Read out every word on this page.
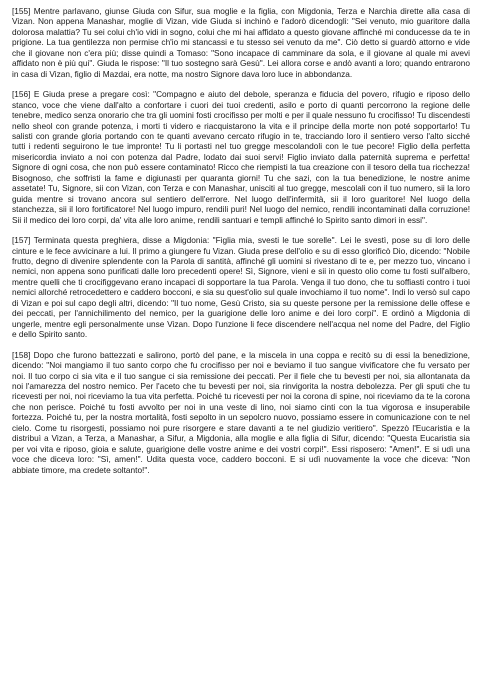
[155] Mentre parlavano, giunse Giuda con Sifur, sua moglie e la figlia, con Migdonia, Terza e Narchia dirette alla casa di Vizan. Non appena Manashar, moglie di Vizan, vide Giuda si inchinò e l'adorò dicendogli: "Sei venuto, mio guaritore dalla dolorosa malattia? Tu sei colui ch'io vidi in sogno, colui che mi hai affidato a questo giovane affinché mi conducesse da te in prigione. La tua gentilezza non permise ch'io mi stancassi e tu stesso sei venuto da me". Ciò detto si guardò attorno e vide che il giovane non c'era più; disse quindi a Tomaso: "Sono incapace di camminare da sola, e il giovane al quale mi avevi affidato non è più qui". Giuda le rispose: "Il tuo sostegno sarà Gesù". Lei allora corse e andò avanti a loro; quando entrarono in casa di Vizan, figlio di Mazdai, era notte, ma nostro Signore dava loro luce in abbondanza.

[156] E Giuda prese a pregare così: "Compagno e aiuto del debole, speranza e fiducia del povero, rifugio e riposo dello stanco, voce che viene dall'alto a confortare i cuori dei tuoi credenti, asilo e porto di quanti percorrono la regione delle tenebre, medico senza onorario che tra gli uomini fosti crocifisso per molti e per il quale nessuno fu crocifisso! Tu discendesti nello sheol con grande potenza, i morti ti videro e riacquistarono la vita e il principe della morte non poté sopportarlo! Tu salisti con grande gloria portando con te quanti avevano cercato rifugio in te, tracciando loro il sentiero verso l'alto sicché tutti i redenti seguirono le tue impronte! Tu li portasti nel tuo gregge mescolandoli con le tue pecore! Figlio della perfetta misericordia inviato a noi con potenza dal Padre, lodato dai suoi servi! Figlio inviato dalla paternità suprema e perfetta! Signore di ogni cosa, che non può essere contaminato! Ricco che riempisti la tua creazione con il tesoro della tua ricchezza! Bisognoso, che soffristi la fame e digiunasti per quaranta giorni! Tu che sazi, con la tua benedizione, le nostre anime assetate! Tu, Signore, sii con Vizan, con Terza e con Manashar, unisciti al tuo gregge, mescolali con il tuo numero, sii la loro guida mentre si trovano ancora sul sentiero dell'errore. Nel luogo dell'infermità, sii il loro guaritore! Nel luogo della stanchezza, sii il loro fortificatore! Nel luogo impuro, rendili puri! Nel luogo del nemico, rendili incontaminati dalla corruzione! Sii il medico dei loro corpi, da' vita alle loro anime, rendili santuari e templi affinché lo Spirito santo dimori in essi".

[157] Terminata questa preghiera, disse a Migdonia: "Figlia mia, svesti le tue sorelle". Lei le svestì, pose su di loro delle cinture e le fece avvicinare a lui. Il primo a giungere fu Vizan. Giuda prese dell'olio e su di esso glorificò Dio, dicendo: "Nobile frutto, degno di divenire splendente con la Parola di santità, affinché gli uomini si rivestano di te e, per mezzo tuo, vincano i nemici, non appena sono purificati dalle loro precedenti opere! Sì, Signore, vieni e sii in questo olio come tu fosti sull'albero, mentre quelli che ti crocifiggevano erano incapaci di sopportare la tua Parola. Venga il tuo dono, che tu soffiasti contro i tuoi nemici allorché retrocedettero e caddero bocconi, e sia su quest'olio sul quale invochiamo il tuo nome". Indi lo versò sul capo di Vizan e poi sul capo degli altri, dicendo: "Il tuo nome, Gesù Cristo, sia su queste persone per la remissione delle offese e dei peccati, per l'annichilimento del nemico, per la guarigione delle loro anime e dei loro corpi". E ordinò a Migdonia di ungerle, mentre egli personalmente unse Vizan. Dopo l'unzione li fece discendere nell'acqua nel nome del Padre, del Figlio e dello Spirito santo.

[158] Dopo che furono battezzati e salirono, portò del pane, e la miscela in una coppa e recitò su di essi la benedizione, dicendo: "Noi mangiamo il tuo santo corpo che fu crocifisso per noi e beviamo il tuo sangue vivificatore che fu versato per noi. Il tuo corpo ci sia vita e il tuo sangue ci sia remissione dei peccati. Per il fiele che tu bevesti per noi, sia allontanata da noi l'amarezza del nostro nemico. Per l'aceto che tu bevesti per noi, sia rinvigorita la nostra debolezza. Per gli sputi che tu ricevesti per noi, noi riceviamo la tua vita perfetta. Poiché tu ricevesti per noi la corona di spine, noi riceviamo da te la corona che non perisce. Poiché tu fosti avvolto per noi in una veste di lino, noi siamo cinti con la tua vigorosa e insuperabile fortezza. Poiché tu, per la nostra mortalità, fosti sepolto in un sepolcro nuovo, possiamo essere in comunicazione con te nel cielo. Come tu risorgesti, possiamo noi pure risorgere e stare davanti a te nel giudizio veritiero". Spezzò l'Eucaristia e la distribuì a Vizan, a Terza, a Manashar, a Sifur, a Migdonia, alla moglie e alla figlia di Sifur, dicendo: "Questa Eucaristia sia per voi vita e riposo, gioia e salute, guarigione delle vostre anime e dei vostri corpi!". Essi risposero: "Amen!". E si udì una voce che diceva loro: "Sì, amen!". Udita questa voce, caddero bocconi. E si udì nuovamente la voce che diceva: "Non abbiate timore, ma credete soltanto!".
